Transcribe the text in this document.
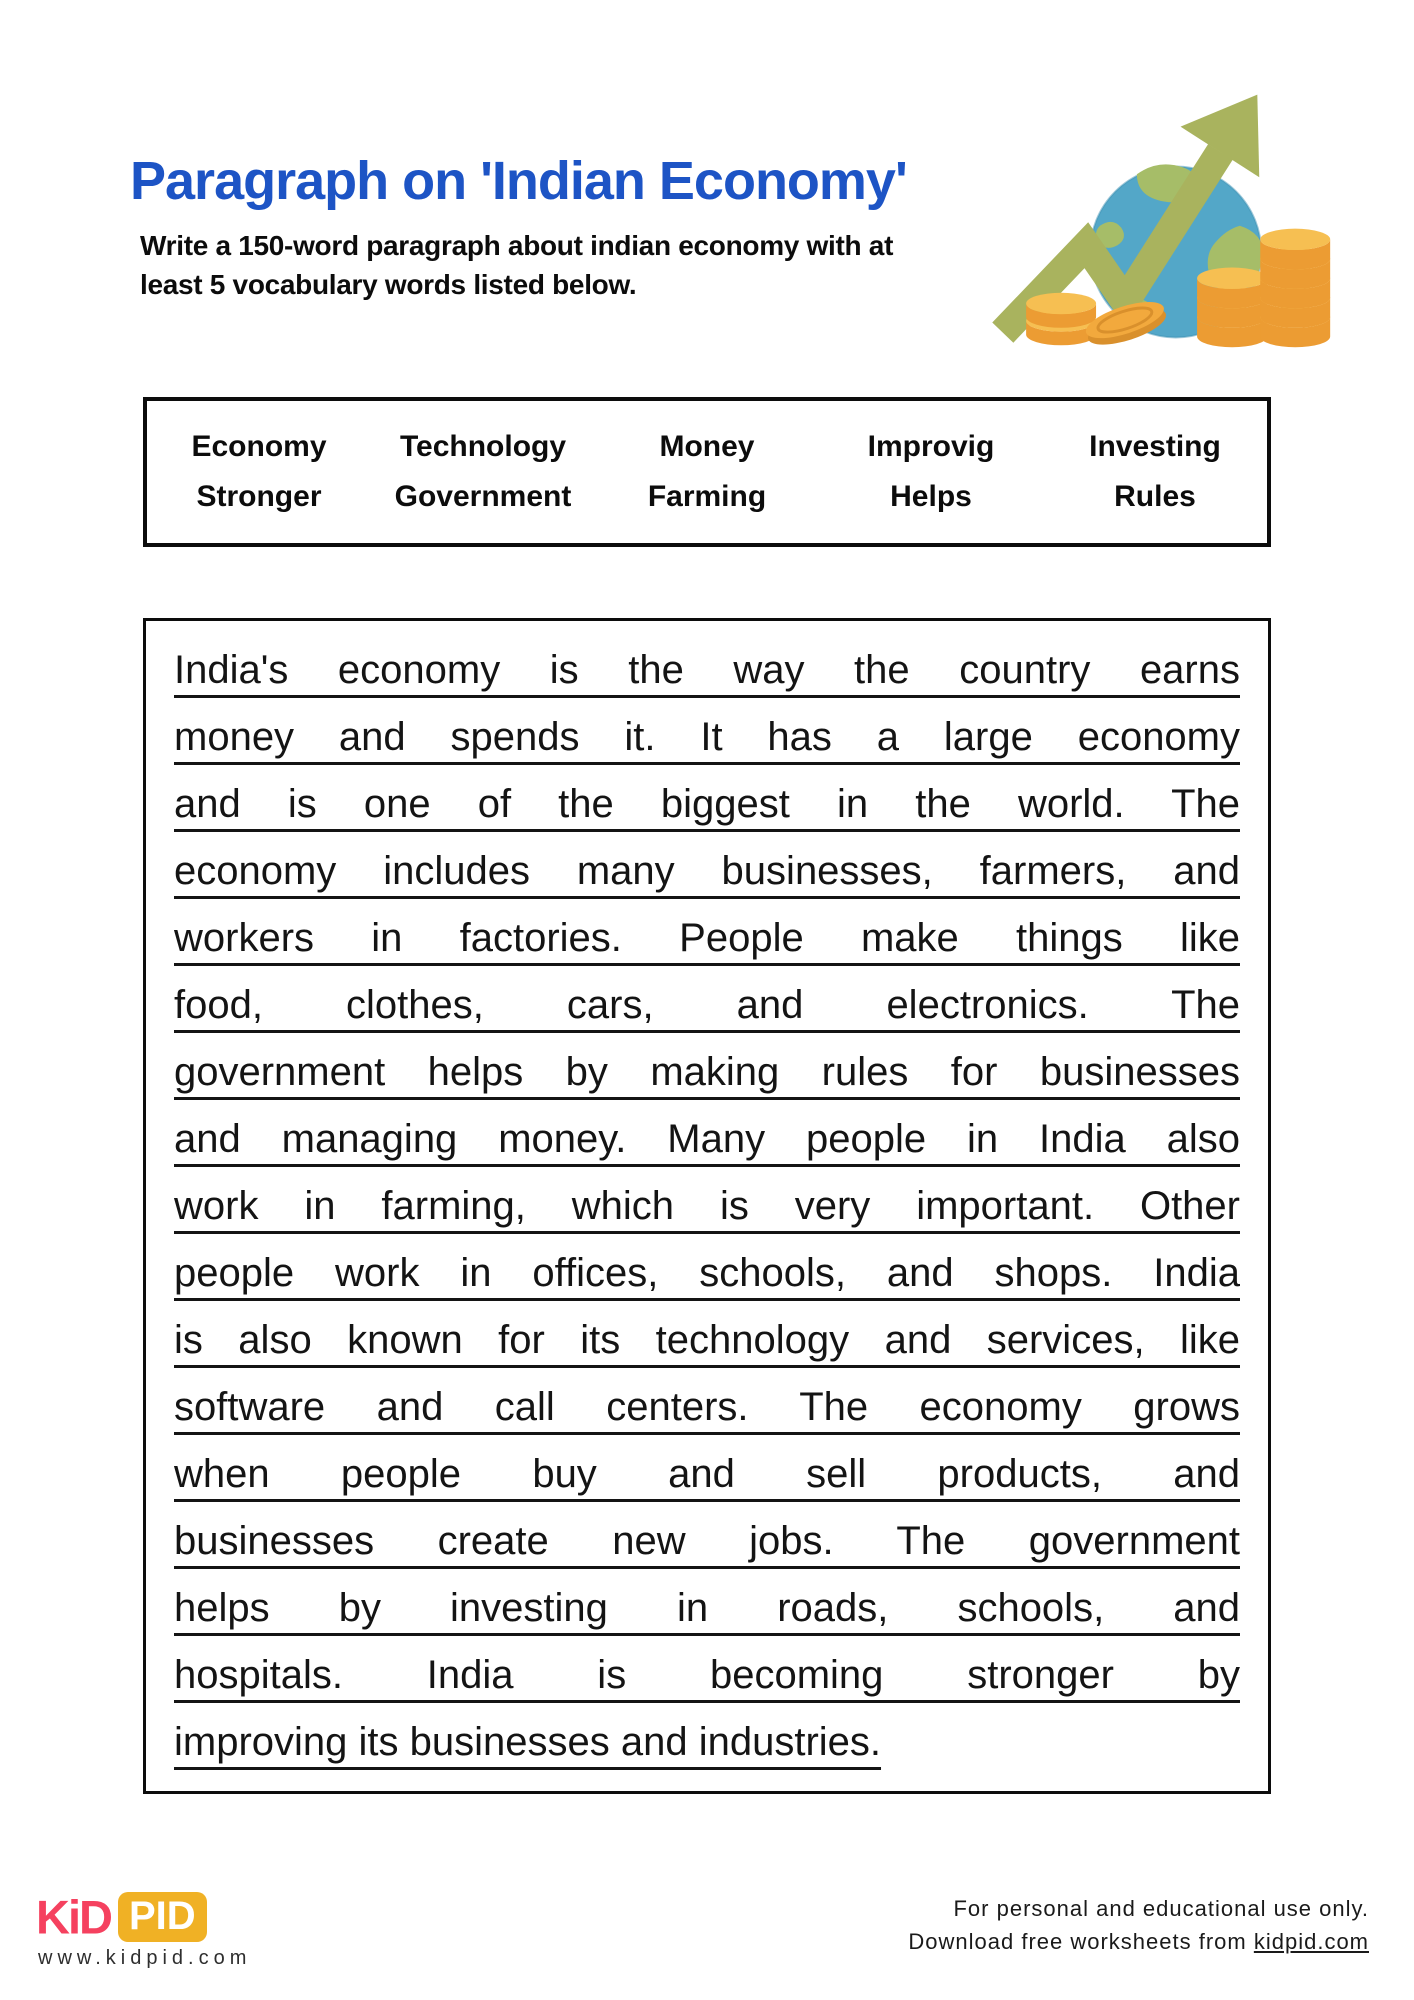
Paragraph on 'Indian Economy'

Write a 150-word paragraph about indian economy with at
least 5 vocabulary words listed below.

Economy	Technology	Money	Improvig	Investing
Stronger	Government	Farming	Helps	Rules
India's economy is the way the country earns
money and spends it. It has a large economy
and is one of the biggest in the world. The
economy includes many businesses, farmers, and
workers in factories. People make things like
food, clothes, cars, and electronics. The
government helps by making rules for businesses
and managing money. Many people in India also
work in farming, which is very important. Other
people work in offices, schools, and shops. India
is also known for its technology and services, like
software and call centers. The economy grows
when people buy and sell products, and
businesses create new jobs. The government
helps by investing in roads, schools, and
hospitals. India is becoming stronger by
improving its businesses and industries.
KiD PID
www.kidpid.com
For personal and educational use only.
Download free worksheets from kidpid.com
